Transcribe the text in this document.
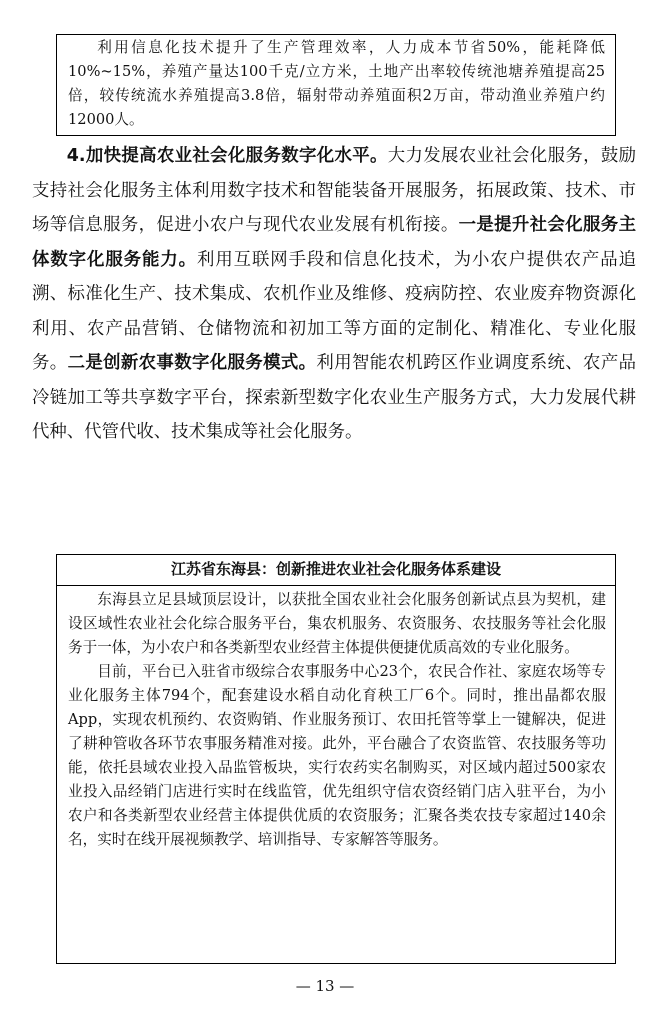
利用信息化技术提升了生产管理效率，人力成本节省50%，能耗降低10%~15%，养殖产量达100千克/立方米，土地产出率较传统池塘养殖提高25倍，较传统流水养殖提高3.8倍，辐射带动养殖面积2万亩，带动渔业养殖户约12000人。

4.加快提高农业社会化服务数字化水平。大力发展农业社会化服务，鼓励支持社会化服务主体利用数字技术和智能装备开展服务，拓展政策、技术、市场等信息服务，促进小农户与现代农业发展有机衔接。一是提升社会化服务主体数字化服务能力。利用互联网手段和信息化技术，为小农户提供农产品追溯、标准化生产、技术集成、农机作业及维修、疫病防控、农业废弃物资源化利用、农产品营销、仓储物流和初加工等方面的定制化、精准化、专业化服务。二是创新农事数字化服务模式。利用智能农机跨区作业调度系统、农产品冷链加工等共享数字平台，探索新型数字化农业生产服务方式，大力发展代耕代种、代管代收、技术集成等社会化服务。

江苏省东海县：创新推进农业社会化服务体系建设

东海县立足县域顶层设计，以获批全国农业社会化服务创新试点县为契机，建设区域性农业社会化综合服务平台，集农机服务、农资服务、农技服务等社会化服务于一体，为小农户和各类新型农业经营主体提供便捷优质高效的专业化服务。

目前，平台已入驻省市级综合农事服务中心23个，农民合作社、家庭农场等专业化服务主体794个，配套建设水稻自动化育秧工厂6个。同时，推出晶都农服App，实现农机预约、农资购销、作业服务预订、农田托管等掌上一键解决，促进了耕种管收各环节农事服务精准对接。此外，平台融合了农资监管、农技服务等功能，依托县域农业投入品监管板块，实行农药实名制购买，对区域内超过500家农业投入品经销门店进行实时在线监管，优先组织守信农资经销门店入驻平台，为小农户和各类新型农业经营主体提供优质的农资服务；汇聚各类农技专家超过140余名，实时在线开展视频教学、培训指导、专家解答等服务。

— 13 —
